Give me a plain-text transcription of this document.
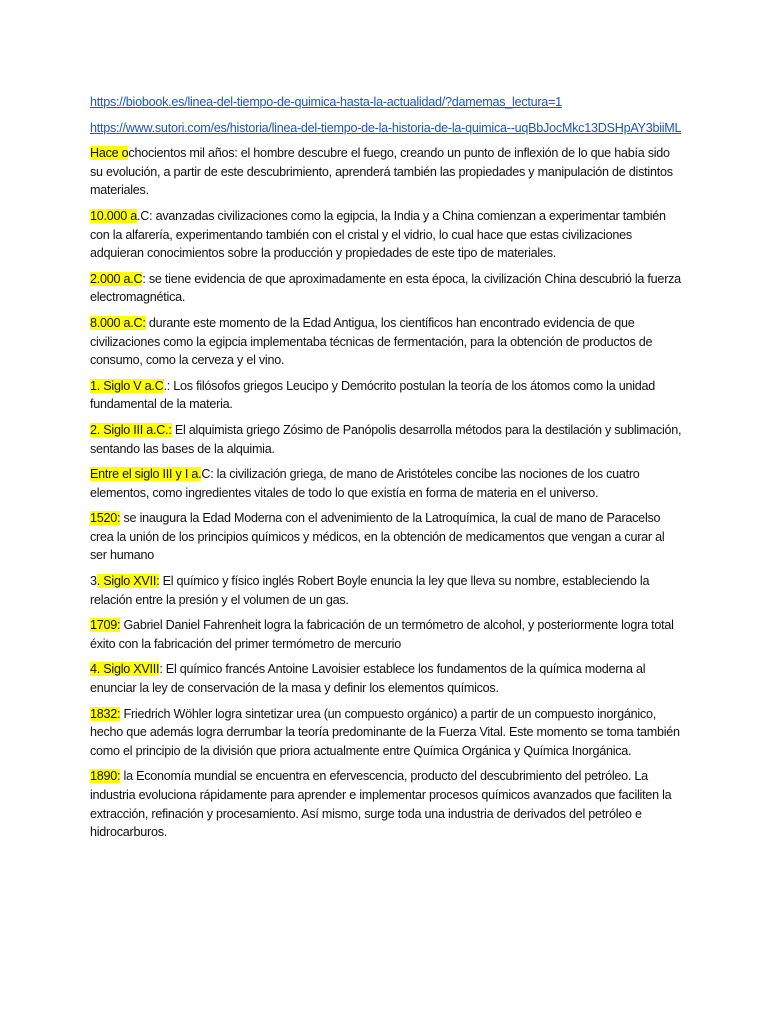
https://biobook.es/linea-del-tiempo-de-quimica-hasta-la-actualidad/?damemas_lectura=1
https://www.sutori.com/es/historia/linea-del-tiempo-de-la-historia-de-la-quimica--uqBbJocMkc13DSHpAY3biiML
Hace ochocientos mil años: el hombre descubre el fuego, creando un punto de inflexión de lo que había sido su evolución, a partir de este descubrimiento, aprenderá también las propiedades y manipulación de distintos materiales.
10.000 a.C: avanzadas civilizaciones como la egipcia, la India y a China comienzan a experimentar también con la alfarería, experimentando también con el cristal y el vidrio, lo cual hace que estas civilizaciones adquieran conocimientos sobre la producción y propiedades de este tipo de materiales.
2.000 a.C: se tiene evidencia de que aproximadamente en esta época, la civilización China descubrió la fuerza electromagnética.
8.000 a.C: durante este momento de la Edad Antigua, los científicos han encontrado evidencia de que civilizaciones como la egipcia implementaba técnicas de fermentación, para la obtención de productos de consumo, como la cerveza y el vino.
1. Siglo V a.C.: Los filósofos griegos Leucipo y Demócrito postulan la teoría de los átomos como la unidad fundamental de la materia.
2. Siglo III a.C.: El alquimista griego Zósimo de Panópolis desarrolla métodos para la destilación y sublimación, sentando las bases de la alquimia.
Entre el siglo III y I a.C: la civilización griega, de mano de Aristóteles concibe las nociones de los cuatro elementos, como ingredientes vitales de todo lo que existía en forma de materia en el universo.
1520: se inaugura la Edad Moderna con el advenimiento de la Latroquímica, la cual de mano de Paracelso crea la unión de los principios químicos y médicos, en la obtención de medicamentos que vengan a curar al ser humano
3. Siglo XVII: El químico y físico inglés Robert Boyle enuncia la ley que lleva su nombre, estableciendo la relación entre la presión y el volumen de un gas.
1709: Gabriel Daniel Fahrenheit logra la fabricación de un termómetro de alcohol, y posteriormente logra total éxito con la fabricación del primer termómetro de mercurio
4. Siglo XVIII: El químico francés Antoine Lavoisier establece los fundamentos de la química moderna al enunciar la ley de conservación de la masa y definir los elementos químicos.
1832: Friedrich Wöhler logra sintetizar urea (un compuesto orgánico) a partir de un compuesto inorgánico, hecho que además logra derrumbar la teoría predominante de la Fuerza Vital. Este momento se toma también como el principio de la división que priora actualmente entre Química Orgánica y Química Inorgánica.
1890: la Economía mundial se encuentra en efervescencia, producto del descubrimiento del petróleo. La industria evoluciona rápidamente para aprender e implementar procesos químicos avanzados que faciliten la extracción, refinación y procesamiento. Así mismo, surge toda una industria de derivados del petróleo e hidrocarburos.
